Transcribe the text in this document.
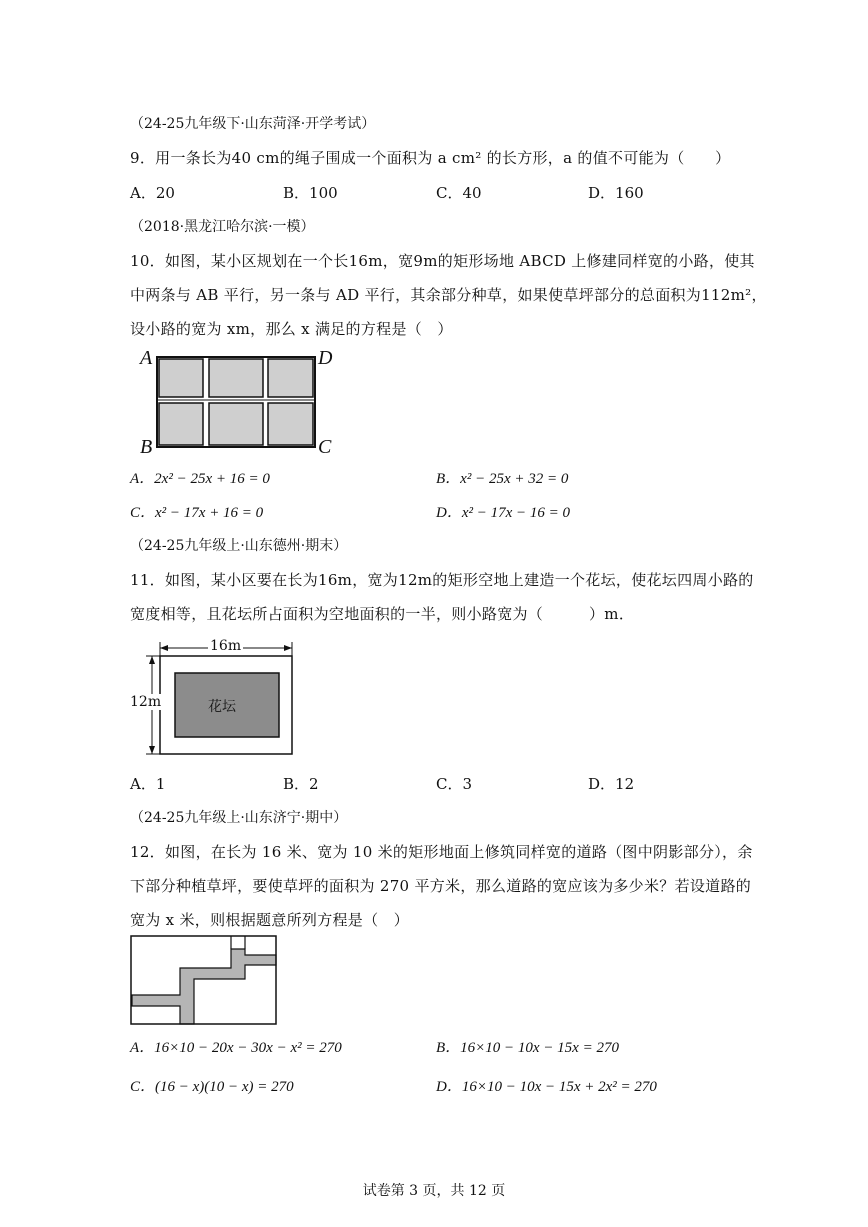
（24-25九年级下·山东菏泽·开学考试）
9．用一条长为40 cm的绳子围成一个面积为 a cm² 的长方形，a 的值不可能为（　　）
A．20	B．100	C．40	D．160
（2018·黑龙江哈尔滨·一模）
10．如图，某小区规划在一个长16m，宽9m的矩形场地 ABCD 上修建同样宽的小路，使其
中两条与 AB 平行，另一条与 AD 平行，其余部分种草，如果使草坪部分的总面积为112m²，
设小路的宽为 xm，那么 x 满足的方程是（　）
A	D
B	C
A．2x² − 25x + 16 = 0	B．x² − 25x + 32 = 0
C．x² − 17x + 16 = 0	D．x² − 17x − 16 = 0
（24-25九年级上·山东德州·期末）
11．如图，某小区要在长为16m，宽为12m的矩形空地上建造一个花坛，使花坛四周小路的
宽度相等，且花坛所占面积为空地面积的一半，则小路宽为（　　　）m．
16m
12m	花坛
A．1	B．2	C．3	D．12
（24-25九年级上·山东济宁·期中）
12．如图，在长为 16 米、宽为 10 米的矩形地面上修筑同样宽的道路（图中阴影部分），余
下部分种植草坪，要使草坪的面积为 270 平方米，那么道路的宽应该为多少米？若设道路的
宽为 x 米，则根据题意所列方程是（　）
A．16×10 − 20x − 30x − x² = 270	B．16×10 − 10x − 15x = 270
C．(16 − x)(10 − x) = 270	D．16×10 − 10x − 15x + 2x² = 270
试卷第 3 页，共 12 页
